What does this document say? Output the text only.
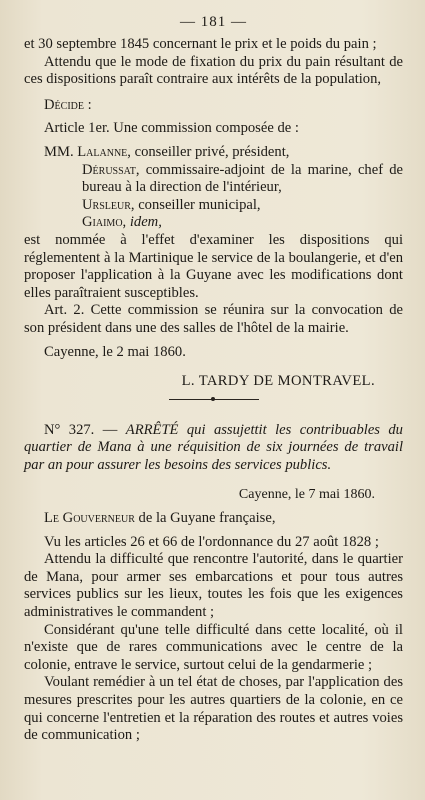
— 181 —

et 30 septembre 1845 concernant le prix et le poids du pain ;

Attendu que le mode de fixation du prix du pain résultant de ces dispositions paraît contraire aux intérêts de la population,

Décide :

Article 1er. Une commission composée de :

MM. Lalanne, conseiller privé, président,

Dérussat, commissaire-adjoint de la marine, chef de bureau à la direction de l'intérieur,

Ursleur, conseiller municipal,

Giaimo, idem,

est nommée à l'effet d'examiner les dispositions qui réglementent à la Martinique le service de la boulangerie, et d'en proposer l'application à la Guyane avec les modifications dont elles paraîtraient susceptibles.

Art. 2. Cette commission se réunira sur la convocation de son président dans une des salles de l'hôtel de la mairie.

Cayenne, le 2 mai 1860.

L. TARDY DE MONTRAVEL.

N° 327. — ARRÊTÉ qui assujettit les contribuables du quartier de Mana à une réquisition de six journées de travail par an pour assurer les besoins des services publics.

Cayenne, le 7 mai 1860.

Le Gouverneur de la Guyane française,

Vu les articles 26 et 66 de l'ordonnance du 27 août 1828 ;

Attendu la difficulté que rencontre l'autorité, dans le quartier de Mana, pour armer ses embarcations et pour tous autres services publics sur les lieux, toutes les fois que les exigences administratives le commandent ;

Considérant qu'une telle difficulté dans cette localité, où il n'existe que de rares communications avec le centre de la colonie, entrave le service, surtout celui de la gendarmerie ;

Voulant remédier à un tel état de choses, par l'application des mesures prescrites pour les autres quartiers de la colonie, en ce qui concerne l'entretien et la réparation des routes et autres voies de communication ;
